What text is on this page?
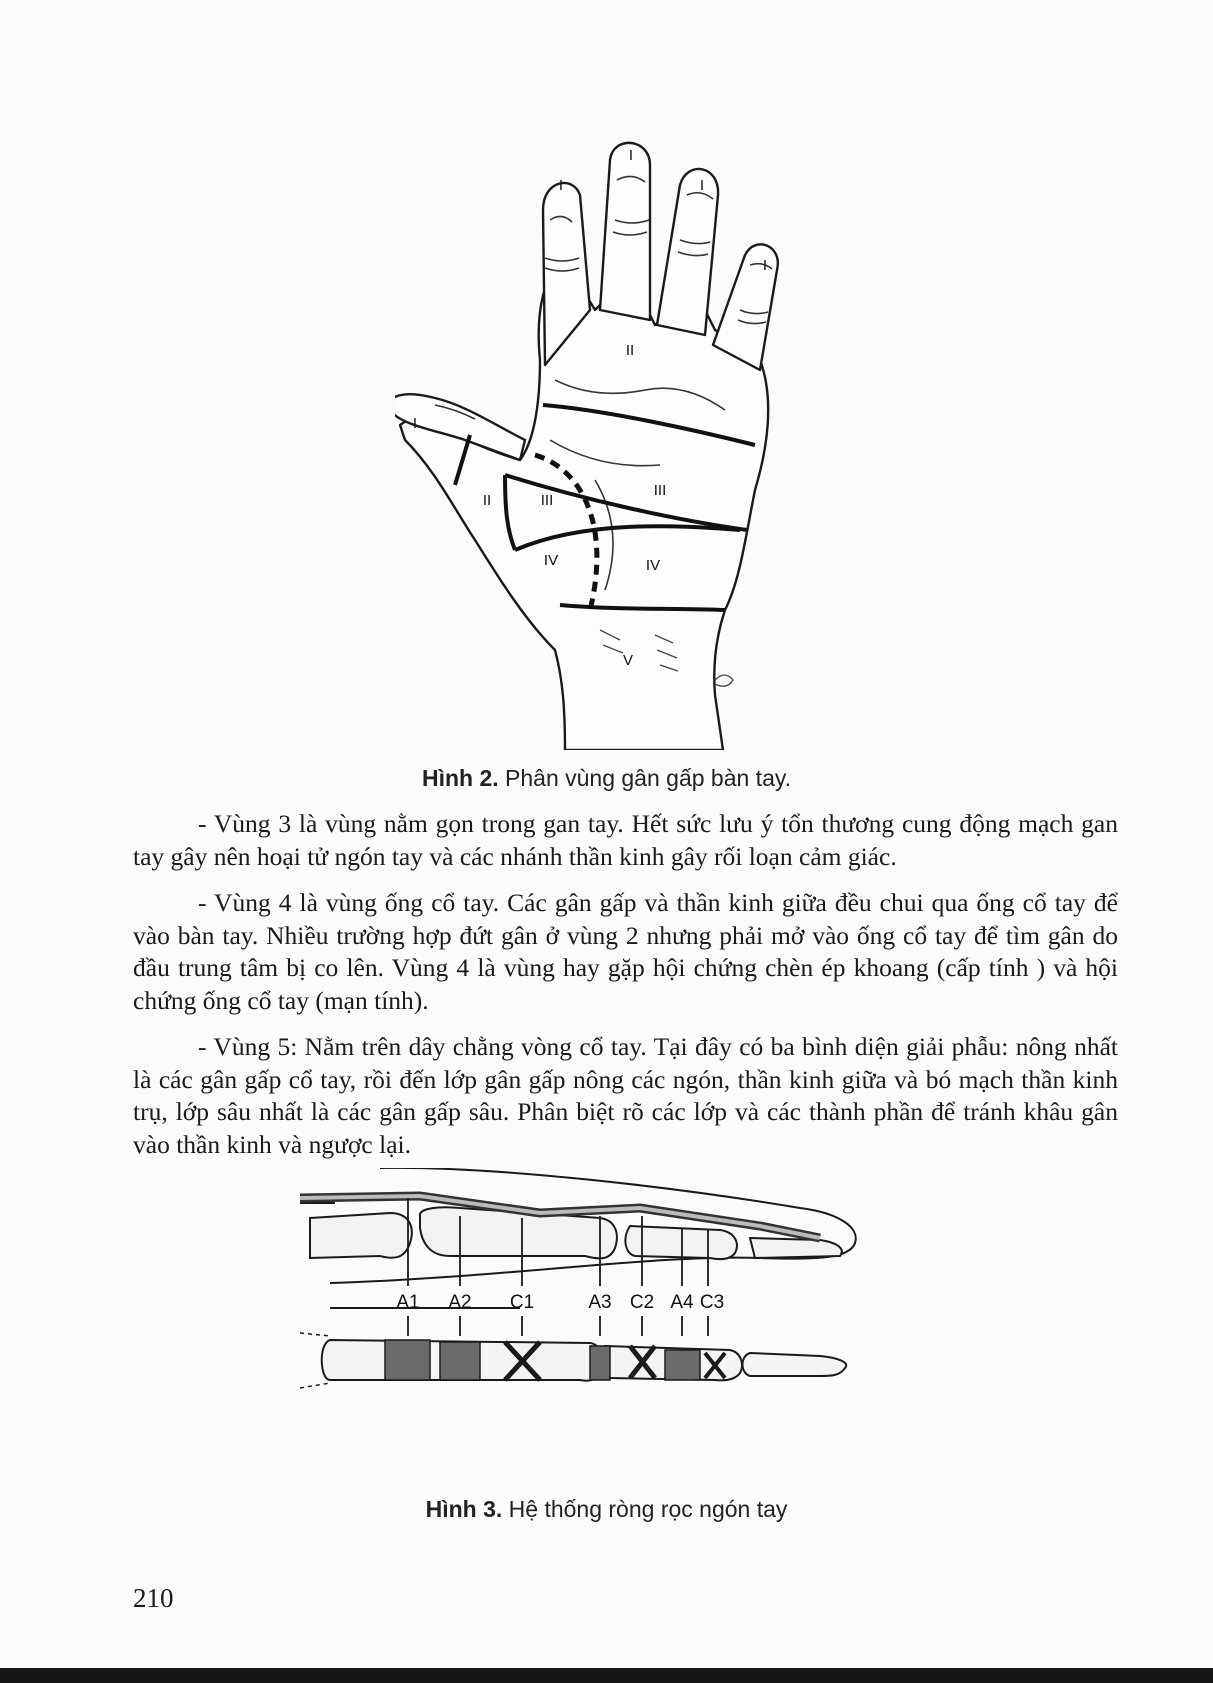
I
I
I
I
I
II
II	III
III
IV	IV
V
Hình 2. Phân vùng gân gấp bàn tay.

- Vùng 3 là vùng nằm gọn trong gan tay. Hết sức lưu ý tổn thương cung động mạch gan tay gây nên hoại tử ngón tay và các nhánh thần kinh gây rối loạn cảm giác.

- Vùng 4 là vùng ống cổ tay. Các gân gấp và thần kinh giữa đều chui qua ống cổ tay để vào bàn tay. Nhiều trường hợp đứt gân ở vùng 2 nhưng phải mở vào ống cổ tay để tìm gân do đầu trung tâm bị co lên. Vùng 4 là vùng hay gặp hội chứng chèn ép khoang (cấp tính ) và hội chứng ống cổ tay (mạn tính).

- Vùng 5: Nằm trên dây chằng vòng cổ tay. Tại đây có ba bình diện giải phẫu: nông nhất là các gân gấp cổ tay, rồi đến lớp gân gấp nông các ngón, thần kinh giữa và bó mạch thần kinh trụ, lớp sâu nhất là các gân gấp sâu. Phân biệt rõ các lớp và các thành phần để tránh khâu gân vào thần kinh và ngược lại.

A1 A2 C1	A3 C2 A4 C3
Hình 3. Hệ thống ròng rọc ngón tay
210
